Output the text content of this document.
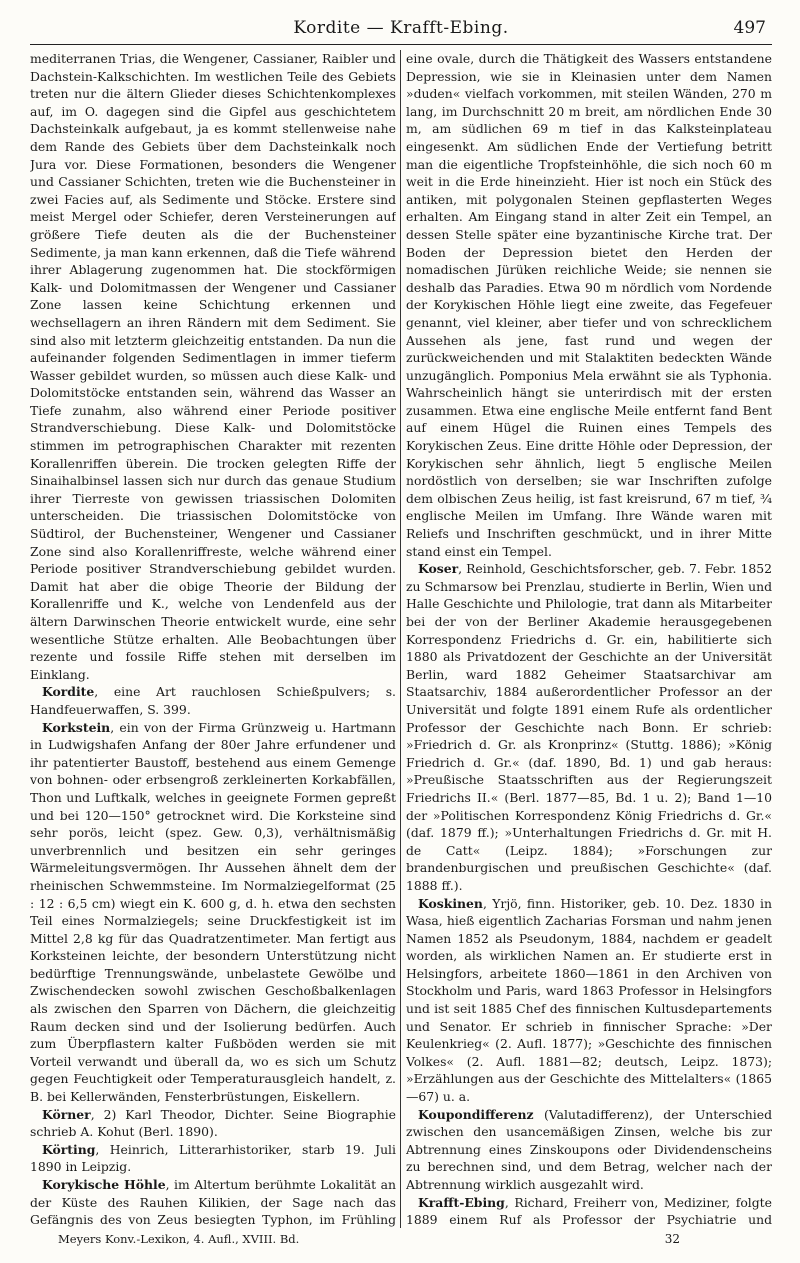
Kordite — Krafft-Ebing.	497

mediterranen Trias, die Wengener, Cassianer, Raibler und Dachstein-Kalkschichten. Im westlichen Teile des Gebiets treten nur die ältern Glieder dieses Schichtenkomplexes auf, im O. dagegen sind die Gipfel aus geschichtetem Dachsteinkalk aufgebaut, ja es kommt stellenweise nahe dem Rande des Gebiets über dem Dachsteinkalk noch Jura vor. Diese Formationen, besonders die Wengener und Cassianer Schichten, treten wie die Buchensteiner in zwei Facies auf, als Sedimente und Stöcke. Erstere sind meist Mergel oder Schiefer, deren Versteinerungen auf größere Tiefe deuten als die der Buchensteiner Sedimente, ja man kann erkennen, daß die Tiefe während ihrer Ablagerung zugenommen hat. Die stockförmigen Kalk- und Dolomitmassen der Wengener und Cassianer Zone lassen keine Schichtung erkennen und wechsellagern an ihren Rändern mit dem Sediment. Sie sind also mit letzterm gleichzeitig entstanden. Da nun die aufeinander folgenden Sedimentlagen in immer tieferm Wasser gebildet wurden, so müssen auch diese Kalk- und Dolomitstöcke entstanden sein, während das Wasser an Tiefe zunahm, also während einer Periode positiver Strandverschiebung. Diese Kalk- und Dolomitstöcke stimmen im petrographischen Charakter mit rezenten Korallenriffen überein. Die trocken gelegten Riffe der Sinaihalbinsel lassen sich nur durch das genaue Studium ihrer Tierreste von gewissen triassischen Dolomiten unterscheiden. Die triassischen Dolomitstöcke von Südtirol, der Buchensteiner, Wengener und Cassianer Zone sind also Korallenriffreste, welche während einer Periode positiver Strandverschiebung gebildet wurden. Damit hat aber die obige Theorie der Bildung der Korallenriffe und K., welche von Lendenfeld aus der ältern Darwinschen Theorie entwickelt wurde, eine sehr wesentliche Stütze erhalten. Alle Beobachtungen über rezente und fossile Riffe stehen mit derselben im Einklang.

Kordite, eine Art rauchlosen Schießpulvers; s. Handfeuerwaffen, S. 399.

Korkstein, ein von der Firma Grünzweig u. Hartmann in Ludwigshafen Anfang der 80er Jahre erfundener und ihr patentierter Baustoff, bestehend aus einem Gemenge von bohnen- oder erbsengroß zerkleinerten Korkabfällen, Thon und Luftkalk, welches in geeignete Formen gepreßt und bei 120—150° getrocknet wird. Die Korksteine sind sehr porös, leicht (spez. Gew. 0,3), verhältnismäßig unverbrennlich und besitzen ein sehr geringes Wärmeleitungsvermögen. Ihr Aussehen ähnelt dem der rheinischen Schwemmsteine. Im Normalziegelformat (25 : 12 : 6,5 cm) wiegt ein K. 600 g, d. h. etwa den sechsten Teil eines Normalziegels; seine Druckfestigkeit ist im Mittel 2,8 kg für das Quadratzentimeter. Man fertigt aus Korksteinen leichte, der besondern Unterstützung nicht bedürftige Trennungswände, unbelastete Gewölbe und Zwischendecken sowohl zwischen Geschoßbalkenlagen als zwischen den Sparren von Dächern, die gleichzeitig Raum decken sind und der Isolierung bedürfen. Auch zum Überpflastern kalter Fußböden werden sie mit Vorteil verwandt und überall da, wo es sich um Schutz gegen Feuchtigkeit oder Temperaturausgleich handelt, z. B. bei Kellerwänden, Fensterbrüstungen, Eiskellern.

Körner, 2) Karl Theodor, Dichter. Seine Biographie schrieb A. Kohut (Berl. 1890).

Körting, Heinrich, Litterarhistoriker, starb 19. Juli 1890 in Leipzig.

Korykische Höhle, im Altertum berühmte Lokalität an der Küste des Rauhen Kilikien, der Sage nach das Gefängnis des von Zeus besiegten Typhon, im Frühling

eine ovale, durch die Thätigkeit des Wassers entstandene Depression, wie sie in Kleinasien unter dem Namen »duden« vielfach vorkommen, mit steilen Wänden, 270 m lang, im Durchschnitt 20 m breit, am nördlichen Ende 30 m, am südlichen 69 m tief in das Kalksteinplateau eingesenkt. Am südlichen Ende der Vertiefung betritt man die eigentliche Tropfsteinhöhle, die sich noch 60 m weit in die Erde hineinzieht. Hier ist noch ein Stück des antiken, mit polygonalen Steinen gepflasterten Weges erhalten. Am Eingang stand in alter Zeit ein Tempel, an dessen Stelle später eine byzantinische Kirche trat. Der Boden der Depression bietet den Herden der nomadischen Jürüken reichliche Weide; sie nennen sie deshalb das Paradies. Etwa 90 m nördlich vom Nordende der Korykischen Höhle liegt eine zweite, das Fegefeuer genannt, viel kleiner, aber tiefer und von schrecklichem Aussehen als jene, fast rund und wegen der zurückweichenden und mit Stalaktiten bedeckten Wände unzugänglich. Pomponius Mela erwähnt sie als Typhonia. Wahrscheinlich hängt sie unterirdisch mit der ersten zusammen. Etwa eine englische Meile entfernt fand Bent auf einem Hügel die Ruinen eines Tempels des Korykischen Zeus. Eine dritte Höhle oder Depression, der Korykischen sehr ähnlich, liegt 5 englische Meilen nordöstlich von derselben; sie war Inschriften zufolge dem olbischen Zeus heilig, ist fast kreisrund, 67 m tief, ¾ englische Meilen im Umfang. Ihre Wände waren mit Reliefs und Inschriften geschmückt, und in ihrer Mitte stand einst ein Tempel.

Koser, Reinhold, Geschichtsforscher, geb. 7. Febr. 1852 zu Schmarsow bei Prenzlau, studierte in Berlin, Wien und Halle Geschichte und Philologie, trat dann als Mitarbeiter bei der von der Berliner Akademie herausgegebenen Korrespondenz Friedrichs d. Gr. ein, habilitierte sich 1880 als Privatdozent der Geschichte an der Universität Berlin, ward 1882 Geheimer Staatsarchivar am Staatsarchiv, 1884 außerordentlicher Professor an der Universität und folgte 1891 einem Rufe als ordentlicher Professor der Geschichte nach Bonn. Er schrieb: »Friedrich d. Gr. als Kronprinz« (Stuttg. 1886); »König Friedrich d. Gr.« (daf. 1890, Bd. 1) und gab heraus: »Preußische Staatsschriften aus der Regierungszeit Friedrichs II.« (Berl. 1877—85, Bd. 1 u. 2); Band 1—10 der »Politischen Korrespondenz König Friedrichs d. Gr.« (daf. 1879 ff.); »Unterhaltungen Friedrichs d. Gr. mit H. de Catt« (Leipz. 1884); »Forschungen zur brandenburgischen und preußischen Geschichte« (daf. 1888 ff.).

Koskinen, Yrjö, finn. Historiker, geb. 10. Dez. 1830 in Wasa, hieß eigentlich Zacharias Forsman und nahm jenen Namen 1852 als Pseudonym, 1884, nachdem er geadelt worden, als wirklichen Namen an. Er studierte erst in Helsingfors, arbeitete 1860—1861 in den Archiven von Stockholm und Paris, ward 1863 Professor in Helsingfors und ist seit 1885 Chef des finnischen Kultusdepartements und Senator. Er schrieb in finnischer Sprache: »Der Keulenkrieg« (2. Aufl. 1877); »Geschichte des finnischen Volkes« (2. Aufl. 1881—82; deutsch, Leipz. 1873); »Erzählungen aus der Geschichte des Mittelalters« (1865—67) u. a.

Koupondifferenz (Valutadifferenz), der Unterschied zwischen den usancemäßigen Zinsen, welche bis zur Abtrennung eines Zinskoupons oder Dividendenscheins zu berechnen sind, und dem Betrag, welcher nach der Abtrennung wirklich ausgezahlt wird.

Krafft-Ebing, Richard, Freiherr von, Mediziner, folgte 1889 einem Ruf als Professor der Psychiatrie und

Meyers Konv.-Lexikon, 4. Aufl., XVIII. Bd.	32
